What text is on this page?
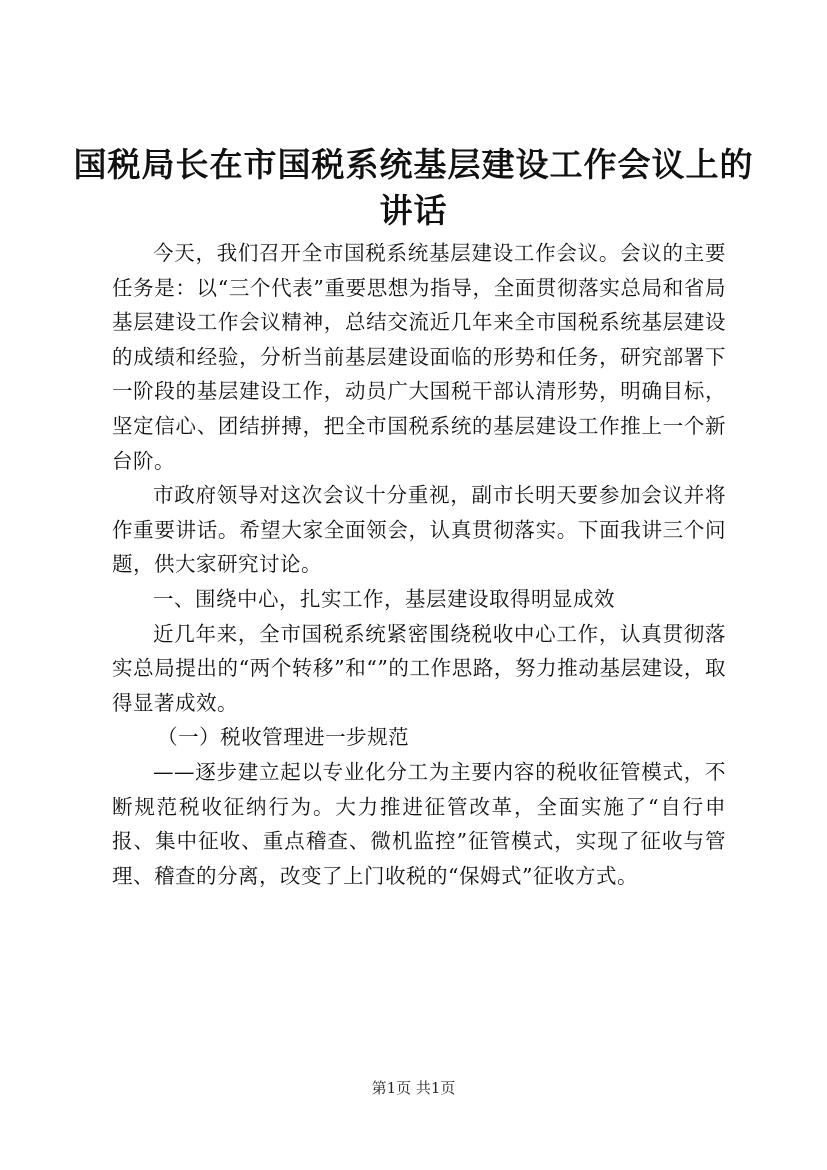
国税局长在市国税系统基层建设工作会议上的
讲话

今天，我们召开全市国税系统基层建设工作会议。会议的主要任务是：以“三个代表”重要思想为指导，全面贯彻落实总局和省局基层建设工作会议精神，总结交流近几年来全市国税系统基层建设的成绩和经验，分析当前基层建设面临的形势和任务，研究部署下一阶段的基层建设工作，动员广大国税干部认清形势，明确目标，坚定信心、团结拼搏，把全市国税系统的基层建设工作推上一个新台阶。

市政府领导对这次会议十分重视，副市长明天要参加会议并将作重要讲话。希望大家全面领会，认真贯彻落实。下面我讲三个问题，供大家研究讨论。

一、围绕中心，扎实工作，基层建设取得明显成效

近几年来，全市国税系统紧密围绕税收中心工作，认真贯彻落实总局提出的“两个转移”和“”的工作思路，努力推动基层建设，取得显著成效。

（一）税收管理进一步规范

——逐步建立起以专业化分工为主要内容的税收征管模式，不断规范税收征纳行为。大力推进征管改革，全面实施了“自行申报、集中征收、重点稽查、微机监控”征管模式，实现了征收与管理、稽查的分离，改变了上门收税的“保姆式”征收方式。

第1页 共1页
